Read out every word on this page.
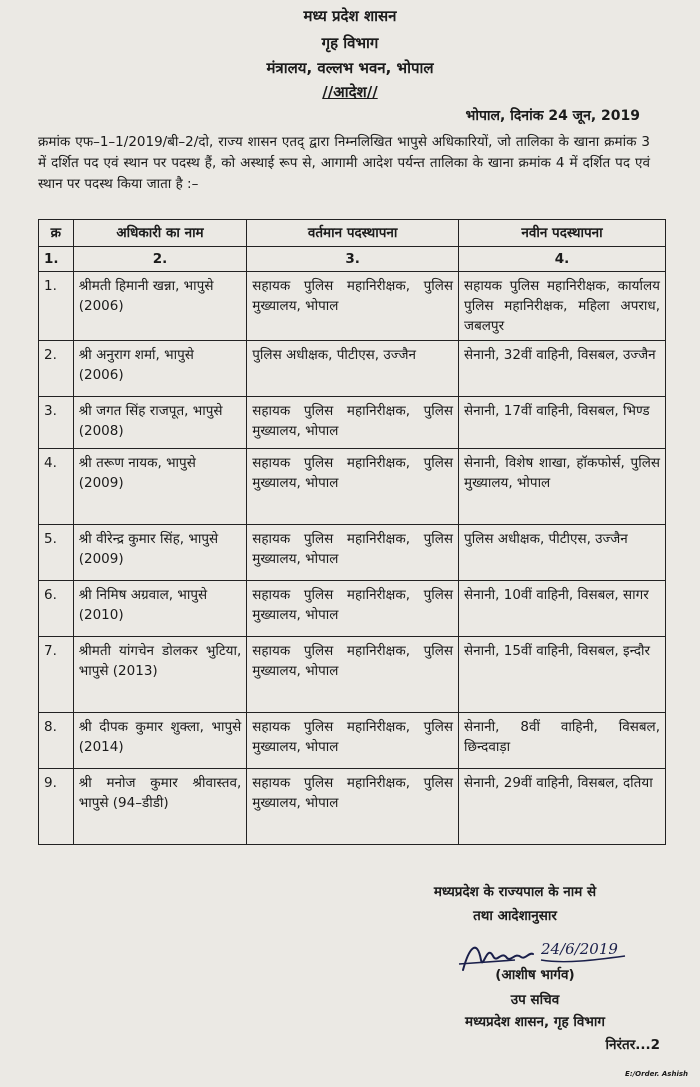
मध्य प्रदेश शासन
गृह विभाग
मंत्रालय, वल्लभ भवन, भोपाल
//आदेश//
भोपाल, दिनांक 24 जून, 2019
क्रमांक एफ–1–1/2019/बी–2/दो, राज्य शासन एतद् द्वारा निम्नलिखित भापुसे अधिकारियों, जो तालिका के खाना क्रमांक 3 में दर्शित पद एवं स्थान पर पदस्थ हैं, को अस्थाई रूप से, आगामी आदेश पर्यन्त तालिका के खाना क्रमांक 4 में दर्शित पद एवं स्थान पर पदस्थ किया जाता है :–
क्र	अधिकारी का नाम	वर्तमान पदस्थापना	नवीन पदस्थापना
1.	2.	3.	4.
1.	श्रीमती हिमानी खन्ना, भापुसे (2006)	सहायक पुलिस महानिरीक्षक, पुलिस मुख्यालय, भोपाल	सहायक पुलिस महानिरीक्षक, कार्यालय पुलिस महानिरीक्षक, महिला अपराध, जबलपुर
2.	श्री अनुराग शर्मा, भापुसे (2006)	पुलिस अधीक्षक, पीटीएस, उज्जैन	सेनानी, 32वीं वाहिनी, विसबल, उज्जैन
3.	श्री जगत सिंह राजपूत, भापुसे (2008)	सहायक पुलिस महानिरीक्षक, पुलिस मुख्यालय, भोपाल	सेनानी, 17वीं वाहिनी, विसबल, भिण्ड
4.	श्री तरूण नायक, भापुसे (2009)	सहायक पुलिस महानिरीक्षक, पुलिस मुख्यालय, भोपाल	सेनानी, विशेष शाखा, हॉकफोर्स, पुलिस मुख्यालय, भोपाल
5.	श्री वीरेन्द्र कुमार सिंह, भापुसे (2009)	सहायक पुलिस महानिरीक्षक, पुलिस मुख्यालय, भोपाल	पुलिस अधीक्षक, पीटीएस, उज्जैन
6.	श्री निमिष अग्रवाल, भापुसे (2010)	सहायक पुलिस महानिरीक्षक, पुलिस मुख्यालय, भोपाल	सेनानी, 10वीं वाहिनी, विसबल, सागर
7.	श्रीमती यांगचेन डोलकर भुटिया, भापुसे (2013)	सहायक पुलिस महानिरीक्षक, पुलिस मुख्यालय, भोपाल	सेनानी, 15वीं वाहिनी, विसबल, इन्दौर
8.	श्री दीपक कुमार शुक्ला, भापुसे (2014)	सहायक पुलिस महानिरीक्षक, पुलिस मुख्यालय, भोपाल	सेनानी, 8वीं वाहिनी, विसबल, छिन्दवाड़ा
9.	श्री मनोज कुमार श्रीवास्तव, भापुसे (94–डीडी)	सहायक पुलिस महानिरीक्षक, पुलिस मुख्यालय, भोपाल	सेनानी, 29वीं वाहिनी, विसबल, दतिया
मध्यप्रदेश के राज्यपाल के नाम से
तथा आदेशानुसार
24/6/2019
(आशीष भार्गव)
उप सचिव
मध्यप्रदेश शासन, गृह विभाग
निरंतर...2
E:/Order. Ashish
